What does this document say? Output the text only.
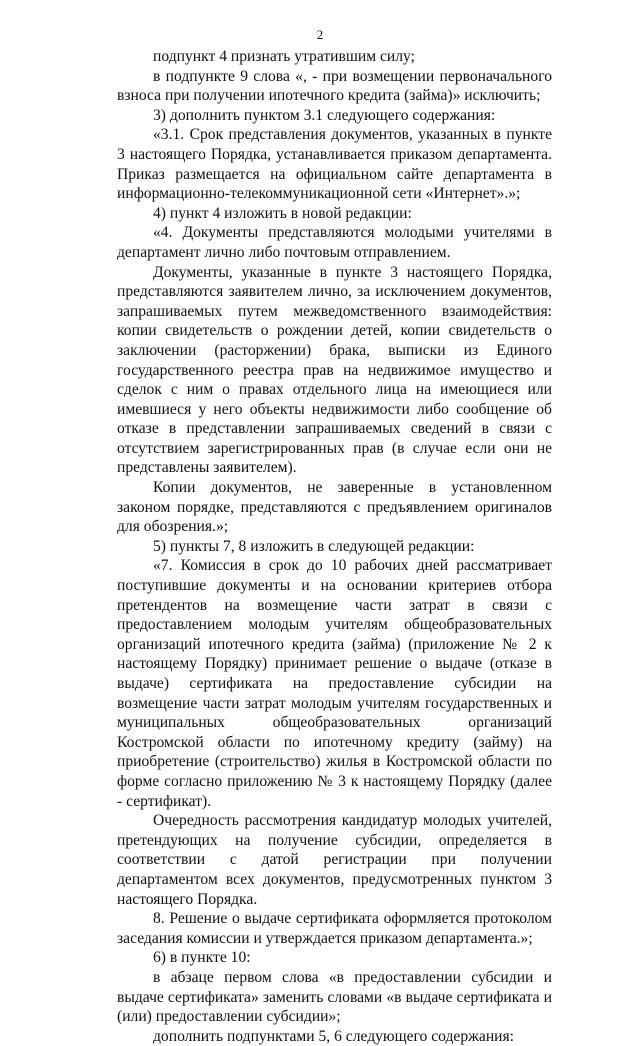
2

подпункт 4 признать утратившим силу;

в подпункте 9 слова «, - при возмещении первоначального взноса при получении ипотечного кредита (займа)» исключить;

3) дополнить пунктом 3.1 следующего содержания:

«3.1. Срок представления документов, указанных в пункте 3 настоящего Порядка, устанавливается приказом департамента. Приказ размещается на официальном сайте департамента в информационно-телекоммуникационной сети «Интернет».»;

4) пункт 4 изложить в новой редакции:

«4. Документы представляются молодыми учителями в департамент лично либо почтовым отправлением.

Документы, указанные в пункте 3 настоящего Порядка, представляются заявителем лично, за исключением документов, запрашиваемых путем межведомственного взаимодействия: копии свидетельств о рождении детей, копии свидетельств о заключении (расторжении) брака, выписки из Единого государственного реестра прав на недвижимое имущество и сделок с ним о правах отдельного лица на имеющиеся или имевшиеся у него объекты недвижимости либо сообщение об отказе в представлении запрашиваемых сведений в связи с отсутствием зарегистрированных прав (в случае если они не представлены заявителем).

Копии документов, не заверенные в установленном законом порядке, представляются с предъявлением оригиналов для обозрения.»;

5) пункты 7, 8 изложить в следующей редакции:

«7. Комиссия в срок до 10 рабочих дней рассматривает поступившие документы и на основании критериев отбора претендентов на возмещение части затрат в связи с предоставлением молодым учителям общеобразовательных организаций ипотечного кредита (займа) (приложение № 2 к настоящему Порядку) принимает решение о выдаче (отказе в выдаче) сертификата на предоставление субсидии на возмещение части затрат молодым учителям государственных и муниципальных общеобразовательных организаций Костромской области по ипотечному кредиту (займу) на приобретение (строительство) жилья в Костромской области по форме согласно приложению № 3 к настоящему Порядку (далее - сертификат).

Очередность рассмотрения кандидатур молодых учителей, претендующих на получение субсидии, определяется в соответствии с датой регистрации при получении департаментом всех документов, предусмотренных пунктом 3 настоящего Порядка.

8. Решение о выдаче сертификата оформляется протоколом заседания комиссии и утверждается приказом департамента.»;

6) в пункте 10:

в абзаце первом слова «в предоставлении субсидии и выдаче сертификата» заменить словами «в выдаче сертификата и (или) предоставлении субсидии»;

дополнить подпунктами 5, 6 следующего содержания:
